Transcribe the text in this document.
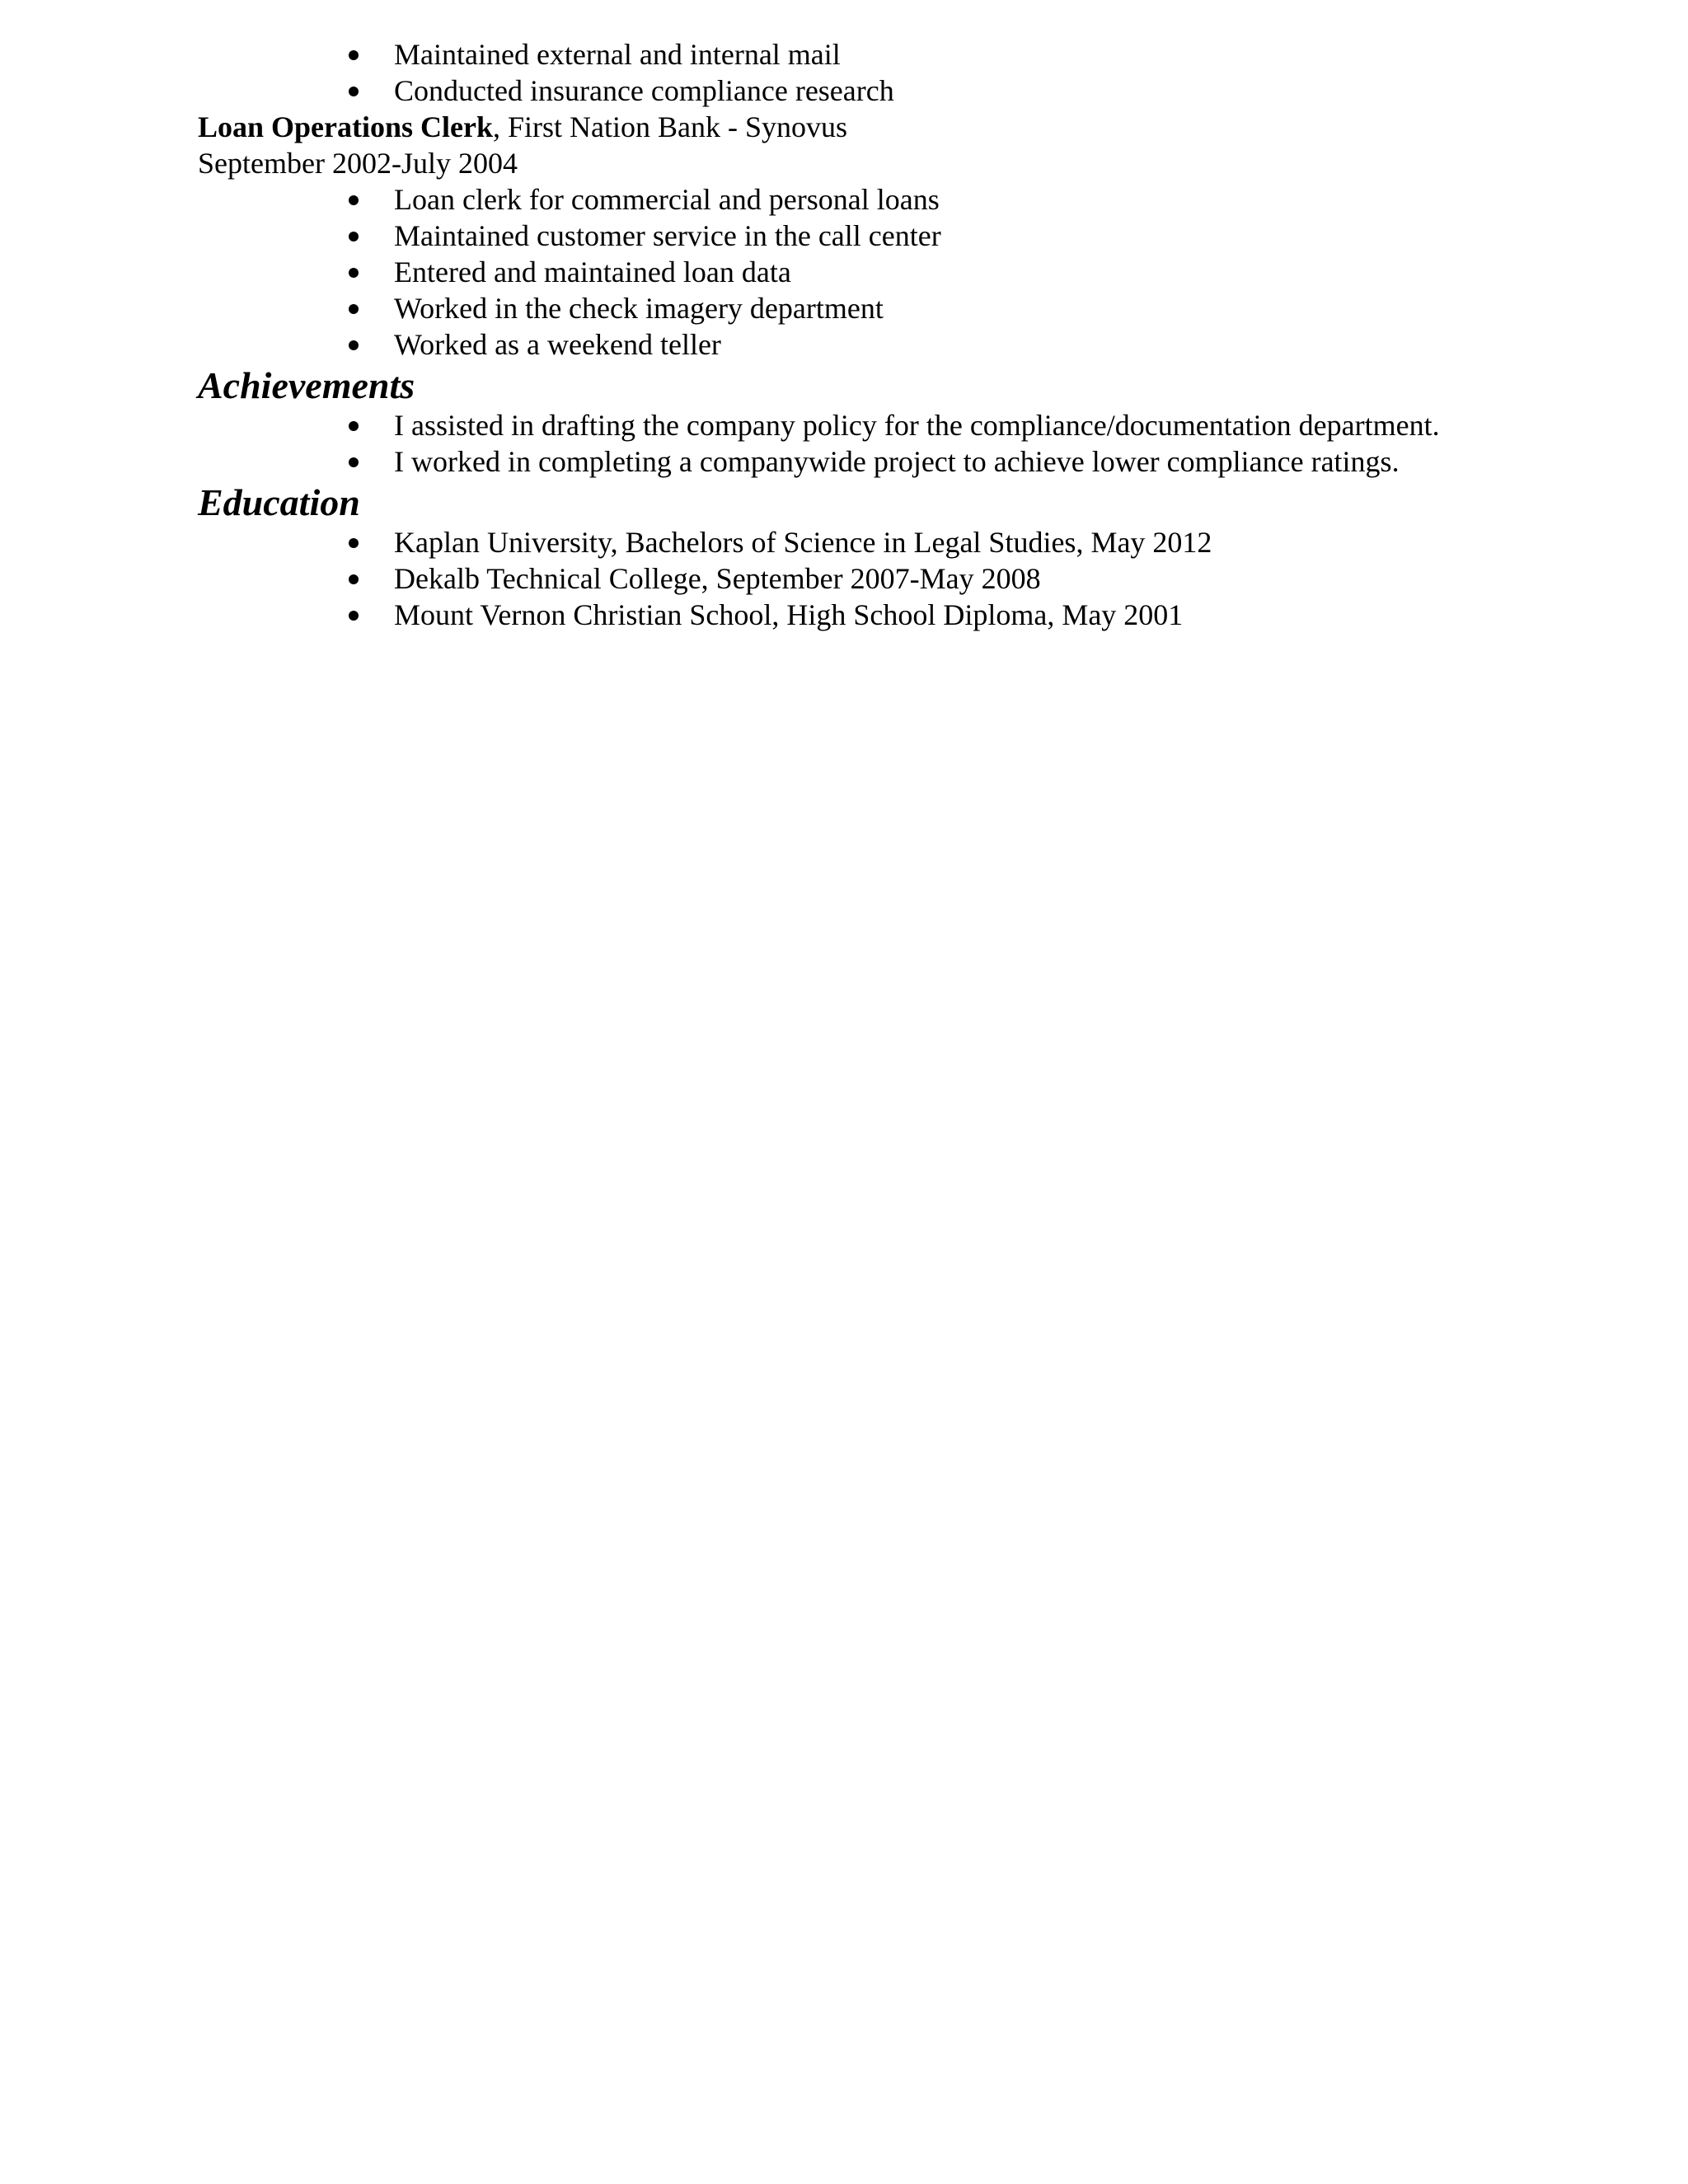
Maintained external and internal mail
Conducted insurance compliance research
Loan Operations Clerk, First Nation Bank - Synovus
September 2002-July 2004
Loan clerk for commercial and personal loans
Maintained customer service in the call center
Entered and maintained loan data
Worked in the check imagery department
Worked as a weekend teller
Achievements
I assisted in drafting the company policy for the compliance/documentation department.
I worked in completing a companywide project to achieve lower compliance ratings.
Education
Kaplan University, Bachelors of Science in Legal Studies, May 2012
Dekalb Technical College, September 2007-May 2008
Mount Vernon Christian School, High School Diploma, May 2001
